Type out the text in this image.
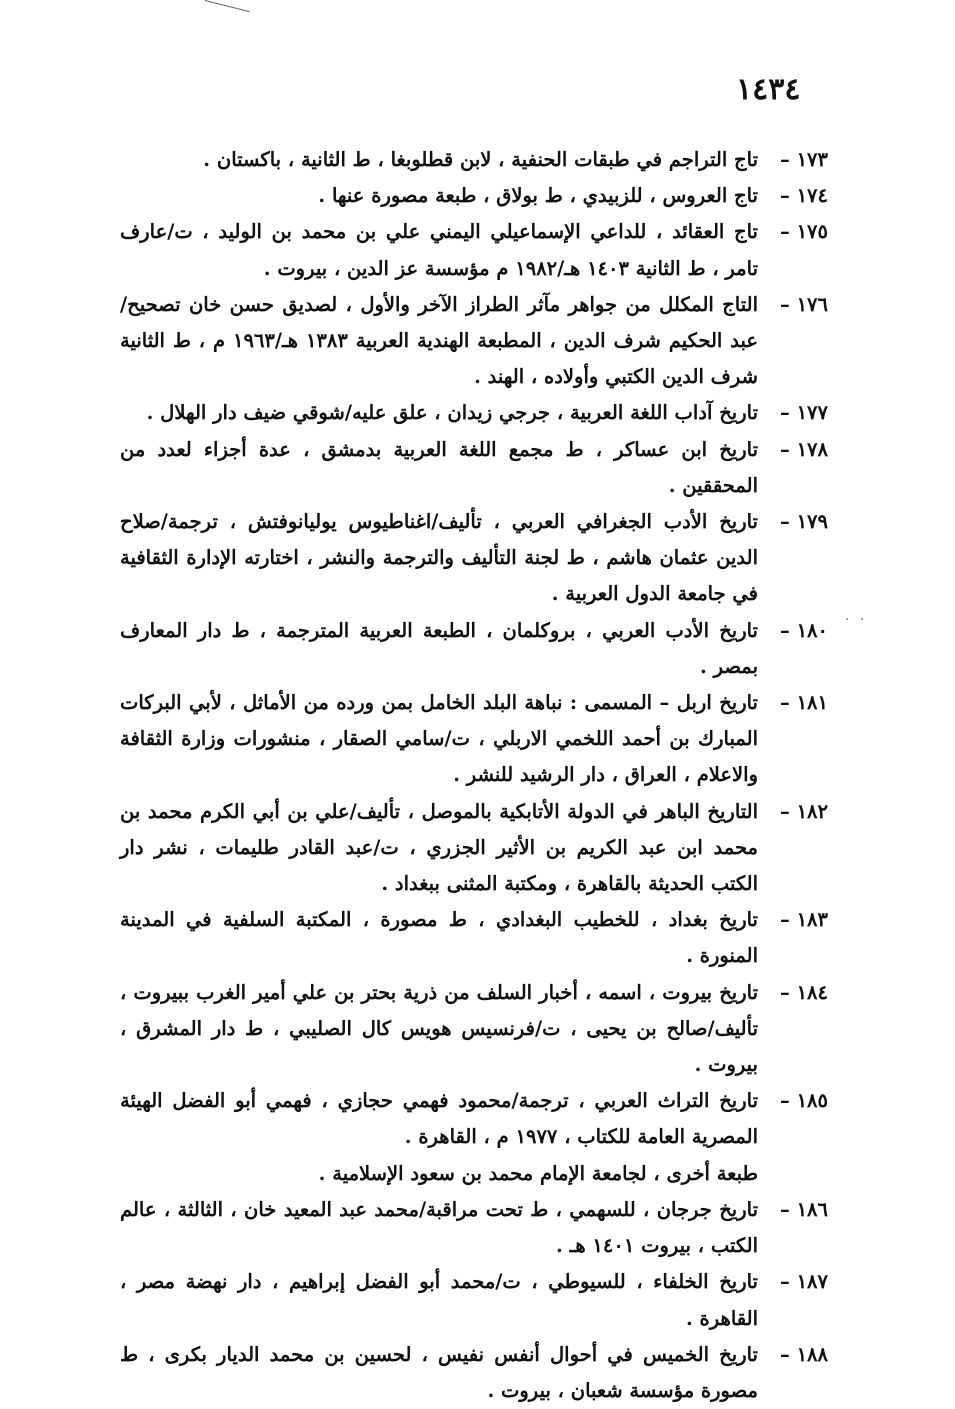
١٤٣٤
. .
١٧٣ –
تاج التراجم في طبقات الحنفية ، لابن قطلوبغا ، ط الثانية ، باكستان .
١٧٤ –
تاج العروس ، للزبيدي ، ط بولاق ، طبعة مصورة عنها .
١٧٥ –
تاج العقائد ، للداعي الإسماعيلي اليمني علي بن محمد بن الوليد ، ت/عارف تامر ، ط الثانية ١٤٠٣ هـ/١٩٨٢ م مؤسسة عز الدين ، بيروت .
١٧٦ –
التاج المكلل من جواهر مآثر الطراز الآخر والأول ، لصديق حسن خان تصحيح/عبد الحكيم شرف الدين ، المطبعة الهندية العربية ١٣٨٣ هـ/١٩٦٣ م ، ط الثانية شرف الدين الكتبي وأولاده ، الهند .
١٧٧ –
تاريخ آداب اللغة العربية ، جرجي زيدان ، علق عليه/شوقي ضيف دار الهلال .
١٧٨ –
تاريخ ابن عساكر ، ط مجمع اللغة العربية بدمشق ، عدة أجزاء لعدد من المحققين .
١٧٩ –
تاريخ الأدب الجغرافي العربي ، تأليف/اغناطيوس يوليانوفتش ، ترجمة/صلاح الدين عثمان هاشم ، ط لجنة التأليف والترجمة والنشر ، اختارته الإدارة الثقافية في جامعة الدول العربية .
١٨٠ –
تاريخ الأدب العربي ، بروكلمان ، الطبعة العربية المترجمة ، ط دار المعارف بمصر .
١٨١ –
تاريخ اربل – المسمى : نباهة البلد الخامل بمن ورده من الأماثل ، لأبي البركات المبارك بن أحمد اللخمي الاربلي ، ت/سامي الصقار ، منشورات وزارة الثقافة والاعلام ، العراق ، دار الرشيد للنشر .
١٨٢ –
التاريخ الباهر في الدولة الأتابكية بالموصل ، تأليف/علي بن أبي الكرم محمد بن محمد ابن عبد الكريم بن الأثير الجزري ، ت/عبد القادر طليمات ، نشر دار الكتب الحديثة بالقاهرة ، ومكتبة المثنى ببغداد .
١٨٣ –
تاريخ بغداد ، للخطيب البغدادي ، ط مصورة ، المكتبة السلفية في المدينة المنورة .
١٨٤ –
تاريخ بيروت ، اسمه ، أخبار السلف من ذرية بحتر بن علي أمير الغرب ببيروت ، تأليف/صالح بن يحيى ، ت/فرنسيس هويس كال الصليبي ، ط دار المشرق ، بيروت .
١٨٥ –
تاريخ التراث العربي ، ترجمة/محمود فهمي حجازي ، فهمي أبو الفضل الهيئة المصرية العامة للكتاب ، ١٩٧٧ م ، القاهرة .
طبعة أخرى ، لجامعة الإمام محمد بن سعود الإسلامية .
١٨٦ –
تاريخ جرجان ، للسهمي ، ط تحت مراقبة/محمد عبد المعيد خان ، الثالثة ، عالم الكتب ، بيروت ١٤٠١ هـ .
١٨٧ –
تاريخ الخلفاء ، للسيوطي ، ت/محمد أبو الفضل إبراهيم ، دار نهضة مصر ، القاهرة .
١٨٨ –
تاريخ الخميس في أحوال أنفس نفيس ، لحسين بن محمد الديار بكرى ، ط مصورة مؤسسة شعبان ، بيروت .
